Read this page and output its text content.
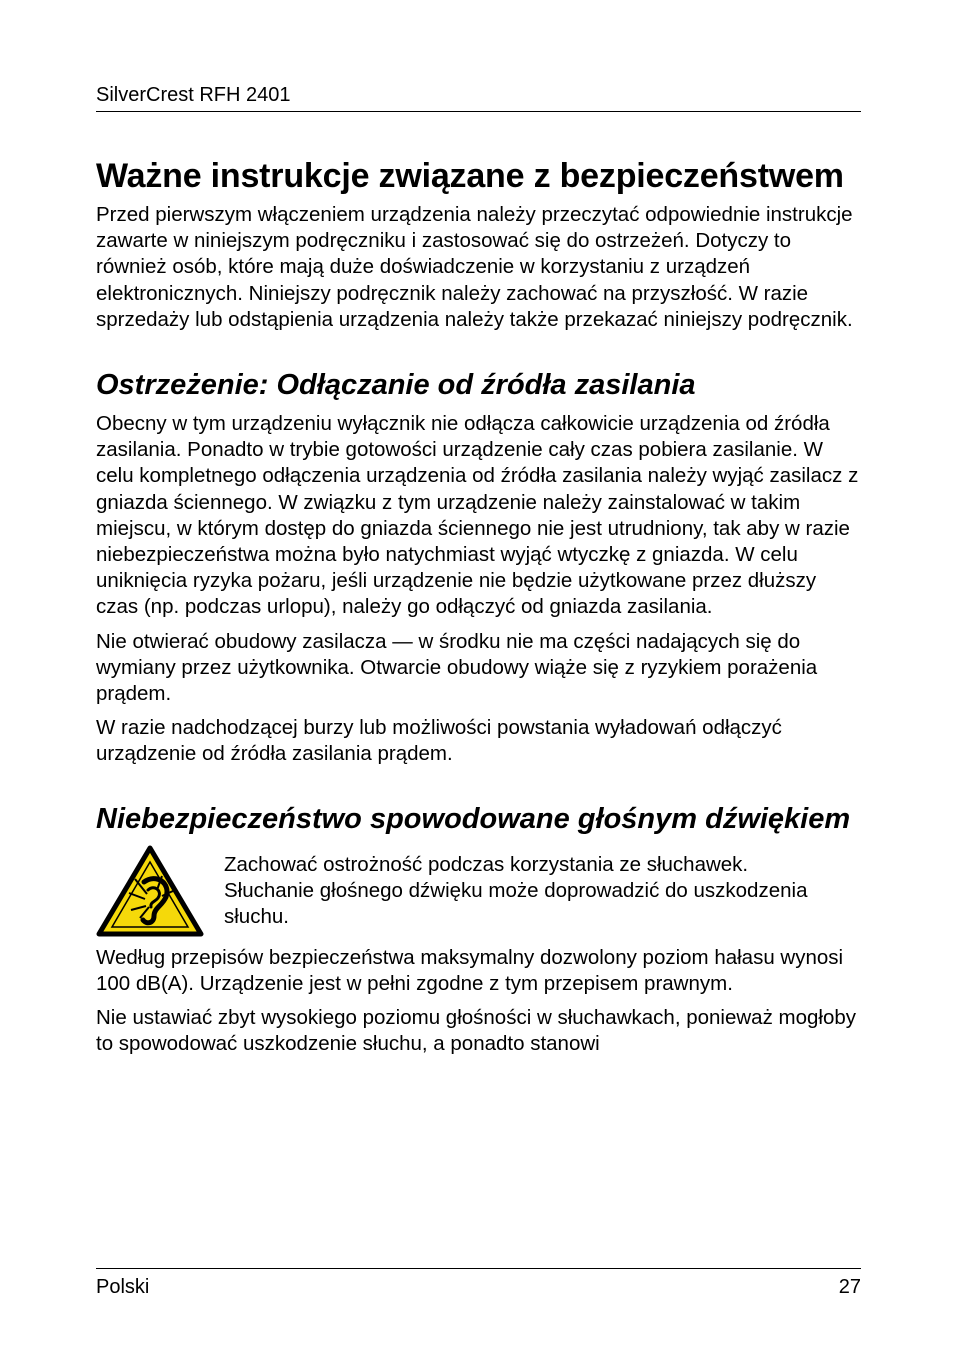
SilverCrest RFH 2401
Ważne instrukcje związane z bezpieczeństwem

Przed pierwszym włączeniem urządzenia należy przeczytać odpowiednie instrukcje zawarte w niniejszym podręczniku i zastosować się do ostrzeżeń. Dotyczy to również osób, które mają duże doświadczenie w korzystaniu z urządzeń elektronicznych. Niniejszy podręcznik należy zachować na przyszłość. W razie sprzedaży lub odstąpienia urządzenia należy także przekazać niniejszy podręcznik.

Ostrzeżenie: Odłączanie od źródła zasilania

Obecny w tym urządzeniu wyłącznik nie odłącza całkowicie urządzenia od źródła zasilania. Ponadto w trybie gotowości urządzenie cały czas pobiera zasilanie. W celu kompletnego odłączenia urządzenia od źródła zasilania należy wyjąć zasilacz z gniazda ściennego. W związku z tym urządzenie należy zainstalować w takim miejscu, w którym dostęp do gniazda ściennego nie jest utrudniony, tak aby w razie niebezpieczeństwa można było natychmiast wyjąć wtyczkę z gniazda. W celu uniknięcia ryzyka pożaru, jeśli urządzenie nie będzie użytkowane przez dłuższy czas (np. podczas urlopu), należy go odłączyć od gniazda zasilania.

Nie otwierać obudowy zasilacza — w środku nie ma części nadających się do wymiany przez użytkownika. Otwarcie obudowy wiąże się z ryzykiem porażenia prądem.

W razie nadchodzącej burzy lub możliwości powstania wyładowań odłączyć urządzenie od źródła zasilania prądem.

Niebezpieczeństwo spowodowane głośnym dźwiękiem

Zachować ostrożność podczas korzystania ze słuchawek. Słuchanie głośnego dźwięku może doprowadzić do uszkodzenia słuchu.

Według przepisów bezpieczeństwa maksymalny dozwolony poziom hałasu wynosi 100 dB(A). Urządzenie jest w pełni zgodne z tym przepisem prawnym.

Nie ustawiać zbyt wysokiego poziomu głośności w słuchawkach, ponieważ mogłoby to spowodować uszkodzenie słuchu, a ponadto stanowi

Polski	27
